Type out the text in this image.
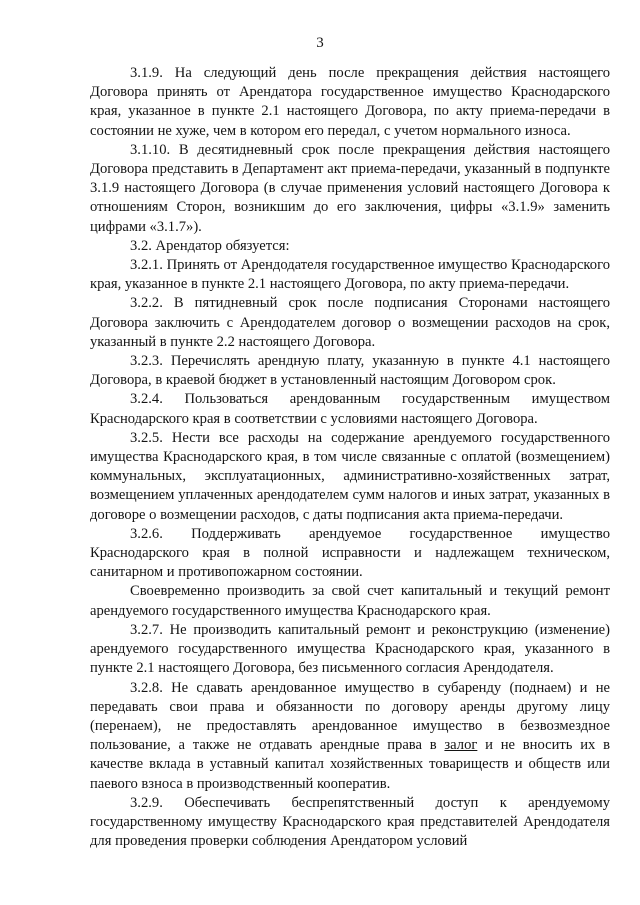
3

3.1.9. На следующий день после прекращения действия настоящего Договора принять от Арендатора государственное имущество Краснодарского края, указанное в пункте 2.1 настоящего Договора, по акту приема-передачи в состоянии не хуже, чем в котором его передал, с учетом нормального износа.

3.1.10. В десятидневный срок после прекращения действия настоящего Договора представить в Департамент акт приема-передачи, указанный в подпункте 3.1.9 настоящего Договора (в случае применения условий настоящего Договора к отношениям Сторон, возникшим до его заключения, цифры «3.1.9» заменить цифрами «3.1.7»).

3.2. Арендатор обязуется:

3.2.1. Принять от Арендодателя государственное имущество Краснодарского края, указанное в пункте 2.1 настоящего Договора, по акту приема-передачи.

3.2.2. В пятидневный срок после подписания Сторонами настоящего Договора заключить с Арендодателем договор о возмещении расходов на срок, указанный в пункте 2.2 настоящего Договора.

3.2.3. Перечислять арендную плату, указанную в пункте 4.1 настоящего Договора, в краевой бюджет в установленный настоящим Договором срок.

3.2.4. Пользоваться арендованным государственным имуществом Краснодарского края в соответствии с условиями настоящего Договора.

3.2.5. Нести все расходы на содержание арендуемого государственного имущества Краснодарского края, в том числе связанные с оплатой (возмещением) коммунальных, эксплуатационных, административно-хозяйственных затрат, возмещением уплаченных арендодателем сумм налогов и иных затрат, указанных в договоре о возмещении расходов, с даты подписания акта приема-передачи.

3.2.6. Поддерживать арендуемое государственное имущество Краснодарского края в полной исправности и надлежащем техническом, санитарном и противопожарном состоянии.

Своевременно производить за свой счет капитальный и текущий ремонт арендуемого государственного имущества Краснодарского края.

3.2.7. Не производить капитальный ремонт и реконструкцию (изменение) арендуемого государственного имущества Краснодарского края, указанного в пункте 2.1 настоящего Договора, без письменного согласия Арендодателя.

3.2.8. Не сдавать арендованное имущество в субаренду (поднаем) и не передавать свои права и обязанности по договору аренды другому лицу (перенаем), не предоставлять арендованное имущество в безвозмездное пользование, а также не отдавать арендные права в залог и не вносить их в качестве вклада в уставный капитал хозяйственных товариществ и обществ или паевого взноса в производственный кооператив.

3.2.9. Обеспечивать беспрепятственный доступ к арендуемому государственному имуществу Краснодарского края представителей Арендодателя для проведения проверки соблюдения Арендатором условий
